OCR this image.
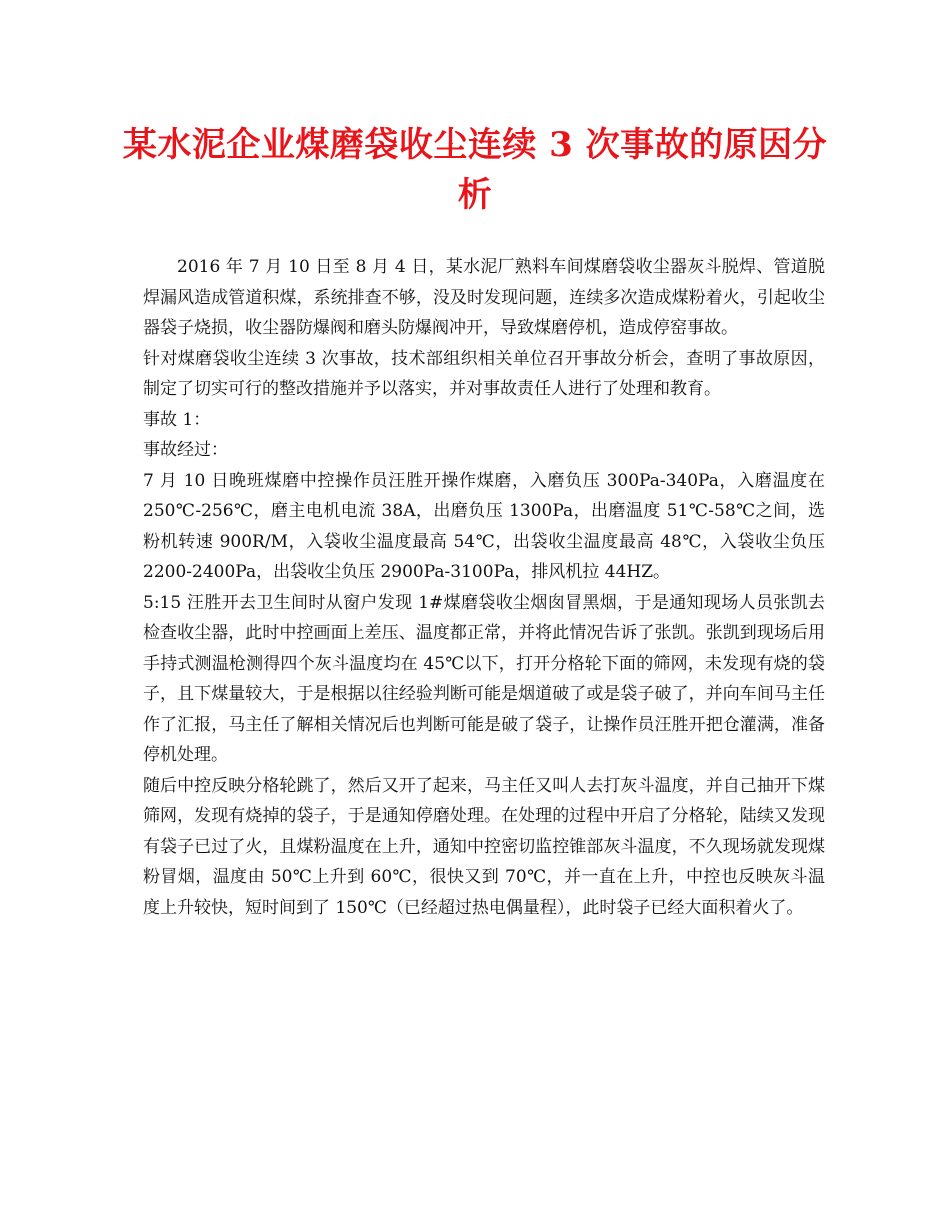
某水泥企业煤磨袋收尘连续 3 次事故的原因分析

2016 年 7 月 10 日至 8 月 4 日，某水泥厂熟料车间煤磨袋收尘器灰斗脱焊、管道脱焊漏风造成管道积煤，系统排查不够，没及时发现问题，连续多次造成煤粉着火，引起收尘器袋子烧损，收尘器防爆阀和磨头防爆阀冲开，导致煤磨停机，造成停窑事故。

针对煤磨袋收尘连续 3 次事故，技术部组织相关单位召开事故分析会，查明了事故原因，制定了切实可行的整改措施并予以落实，并对事故责任人进行了处理和教育。

事故 1：

事故经过：

7 月 10 日晚班煤磨中控操作员汪胜开操作煤磨，入磨负压 300Pa-340Pa，入磨温度在 250℃-256℃，磨主电机电流 38A，出磨负压 1300Pa，出磨温度 51℃-58℃之间，选粉机转速 900R/M，入袋收尘温度最高 54℃，出袋收尘温度最高 48℃，入袋收尘负压 2200-2400Pa，出袋收尘负压 2900Pa-3100Pa，排风机拉 44HZ。

5:15 汪胜开去卫生间时从窗户发现 1#煤磨袋收尘烟囱冒黑烟，于是通知现场人员张凯去检查收尘器，此时中控画面上差压、温度都正常，并将此情况告诉了张凯。张凯到现场后用手持式测温枪测得四个灰斗温度均在 45℃以下，打开分格轮下面的筛网，未发现有烧的袋子，且下煤量较大，于是根据以往经验判断可能是烟道破了或是袋子破了，并向车间马主任作了汇报，马主任了解相关情况后也判断可能是破了袋子，让操作员汪胜开把仓灌满，准备停机处理。

随后中控反映分格轮跳了，然后又开了起来，马主任又叫人去打灰斗温度，并自己抽开下煤筛网，发现有烧掉的袋子，于是通知停磨处理。在处理的过程中开启了分格轮，陆续又发现有袋子已过了火，且煤粉温度在上升，通知中控密切监控锥部灰斗温度，不久现场就发现煤粉冒烟，温度由 50℃上升到 60℃，很快又到 70℃，并一直在上升，中控也反映灰斗温度上升较快，短时间到了 150℃（已经超过热电偶量程），此时袋子已经大面积着火了。
